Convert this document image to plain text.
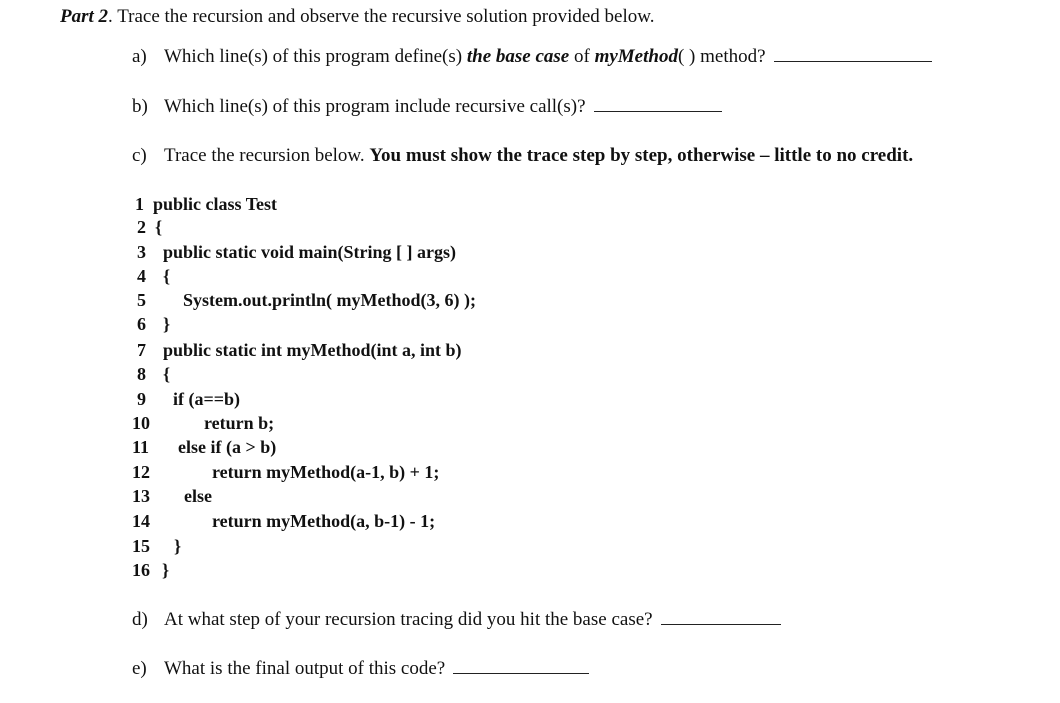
Part 2. Trace the recursion and observe the recursive solution provided below.
a) Which line(s) of this program define(s) the base case of myMethod( ) method?
b) Which line(s) of this program include recursive call(s)?
c) Trace the recursion below. You must show the trace step by step, otherwise – little to no credit.
1 public class Test
2 {
3 public static void main(String [ ] args)
4 {
5 System.out.println( myMethod(3, 6) );
6 }
7 public static int myMethod(int a, int b)
8 {
9 if (a==b)
10	return b;
11 else if (a > b)
12	return myMethod(a-1, b) + 1;
13 else
14	return myMethod(a, b-1) - 1;
15 }
16 }
d) At what step of your recursion tracing did you hit the base case?
e) What is the final output of this code?
